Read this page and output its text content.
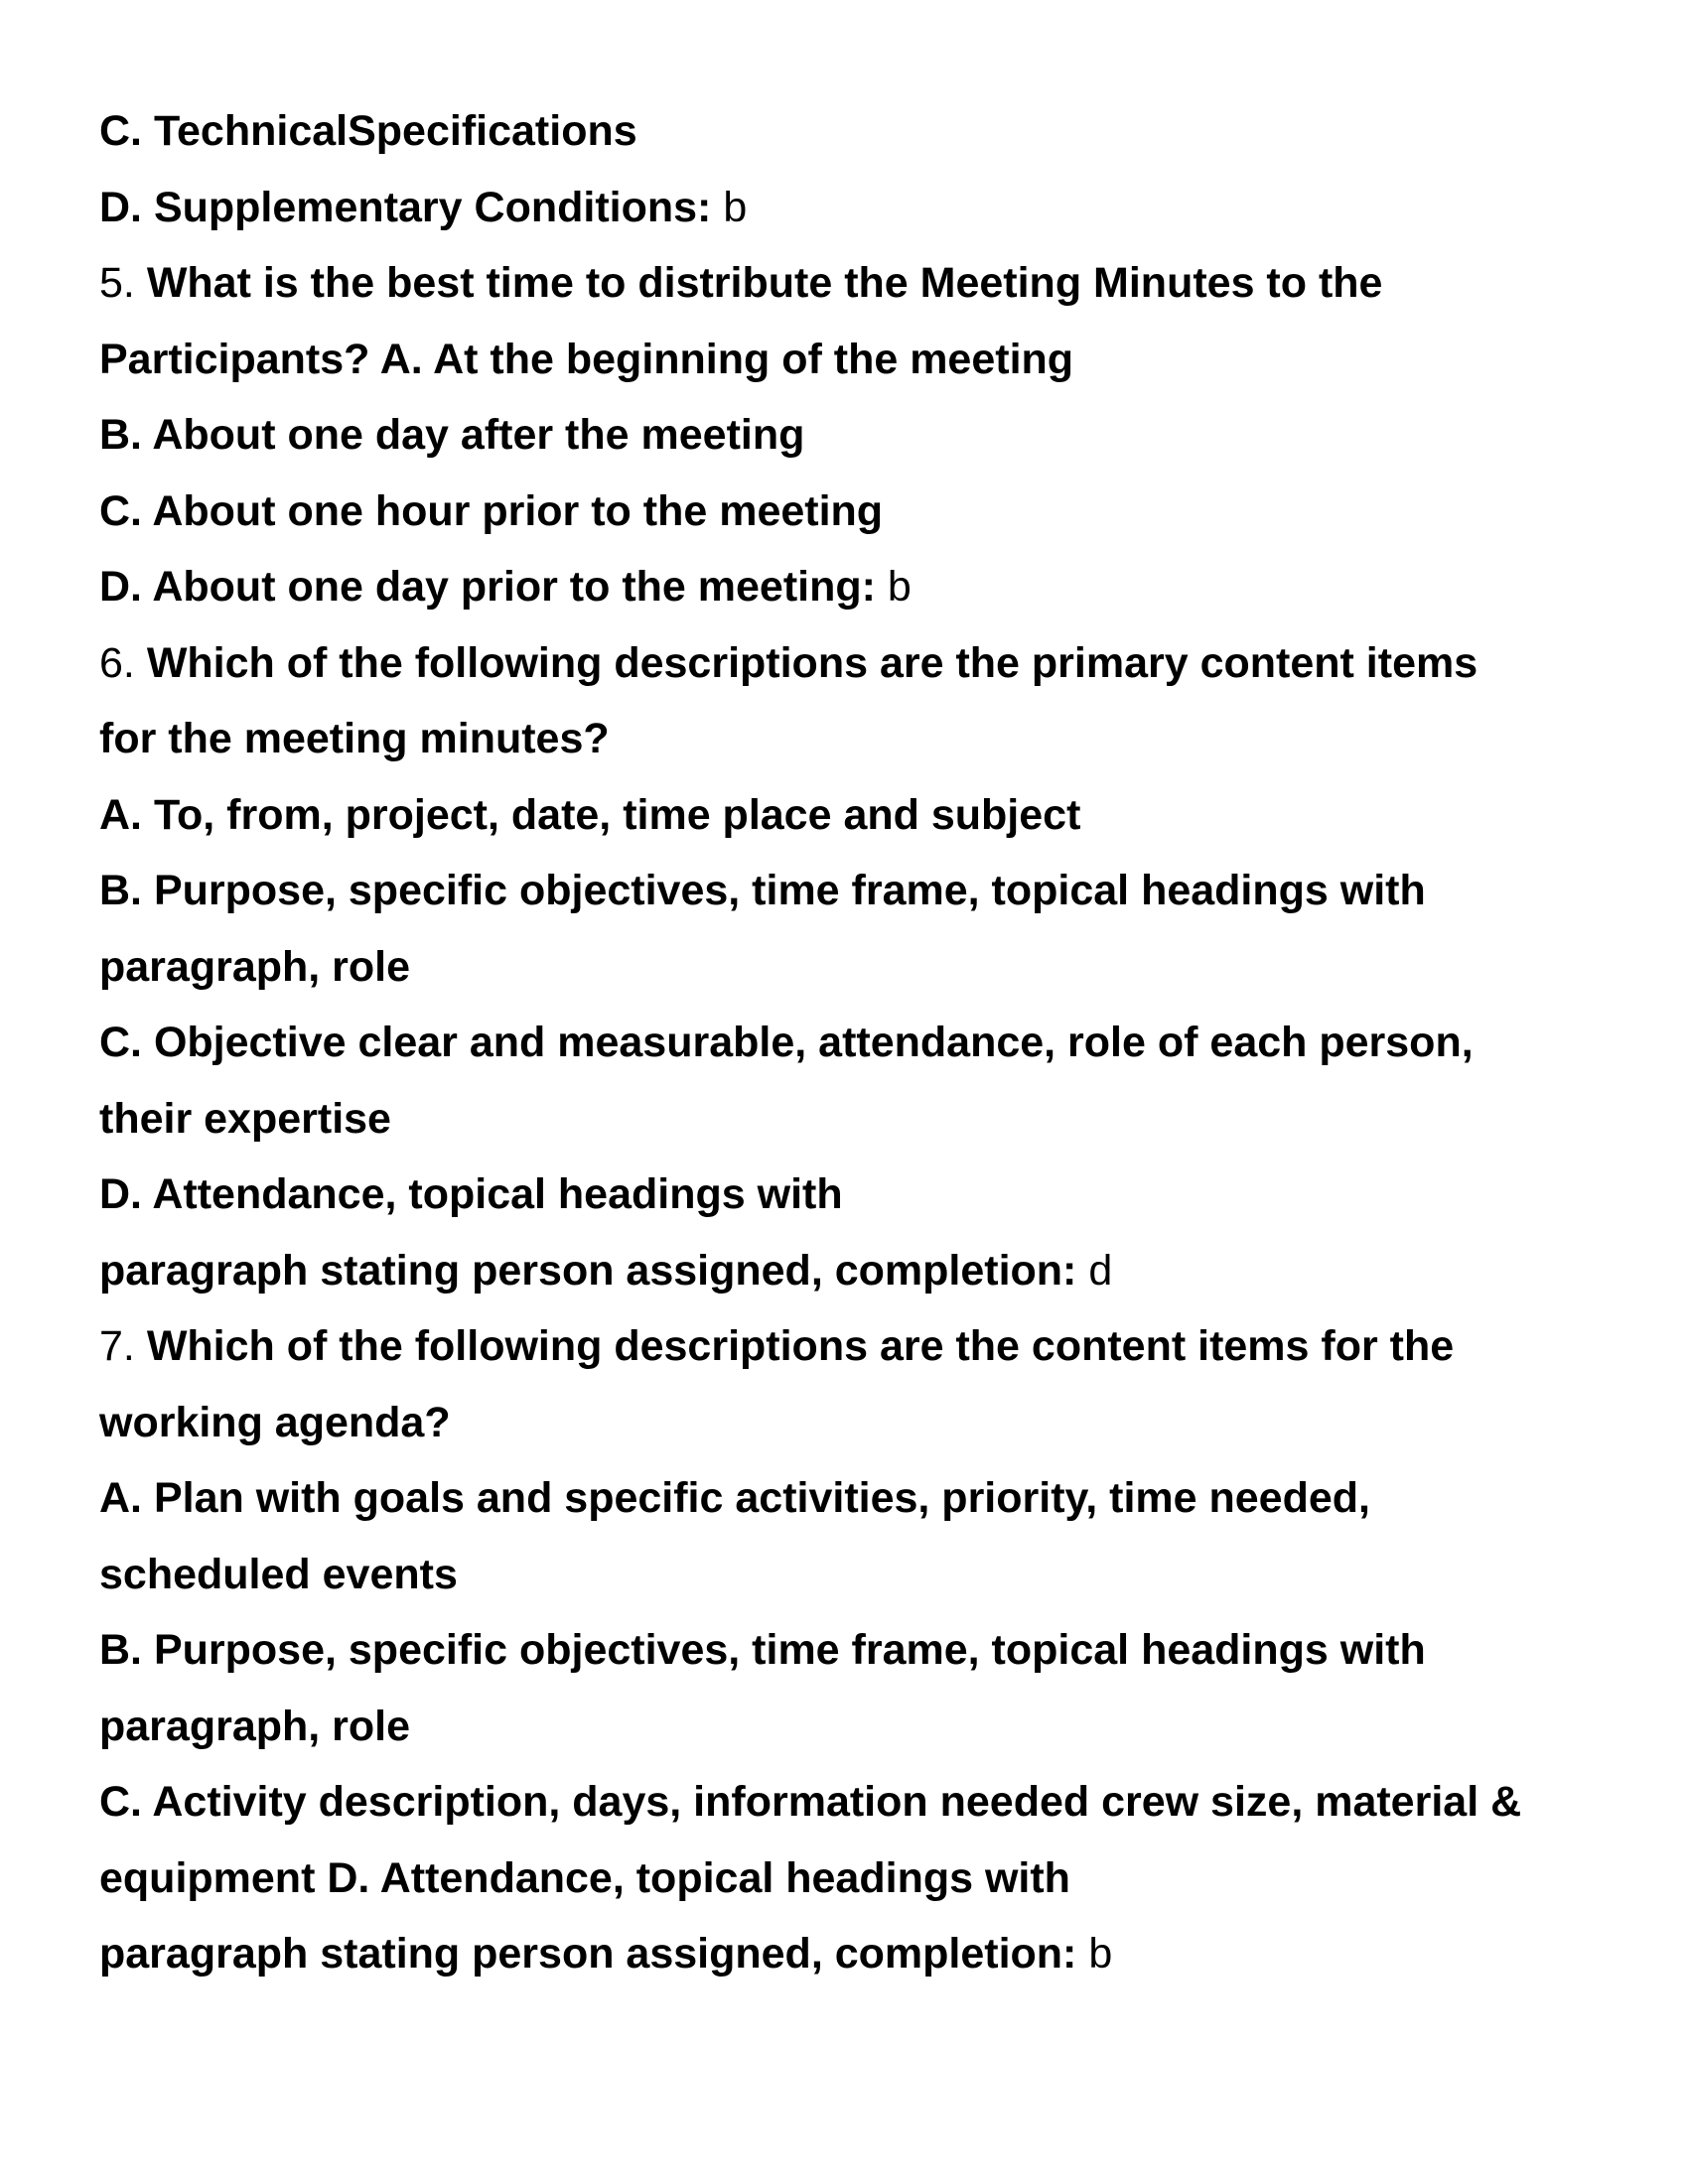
C. TechnicalSpecifications
D. Supplementary Conditions: b
5. What is the best time to distribute the Meeting Minutes to the
Participants? A. At the beginning of the meeting
B. About one day after the meeting
C. About one hour prior to the meeting
D. About one day prior to the meeting: b
6. Which of the following descriptions are the primary content items
for the meeting minutes?
A. To, from, project, date, time place and subject
B. Purpose, specific objectives, time frame, topical headings with
paragraph, role
C. Objective clear and measurable, attendance, role of each person,
their expertise
D. Attendance, topical headings with
paragraph stating person assigned, completion: d
7. Which of the following descriptions are the content items for the
working agenda?
A. Plan with goals and specific activities, priority, time needed,
scheduled events
B. Purpose, specific objectives, time frame, topical headings with
paragraph, role
C. Activity description, days, information needed crew size, material &
equipment D. Attendance, topical headings with
paragraph stating person assigned, completion: b
